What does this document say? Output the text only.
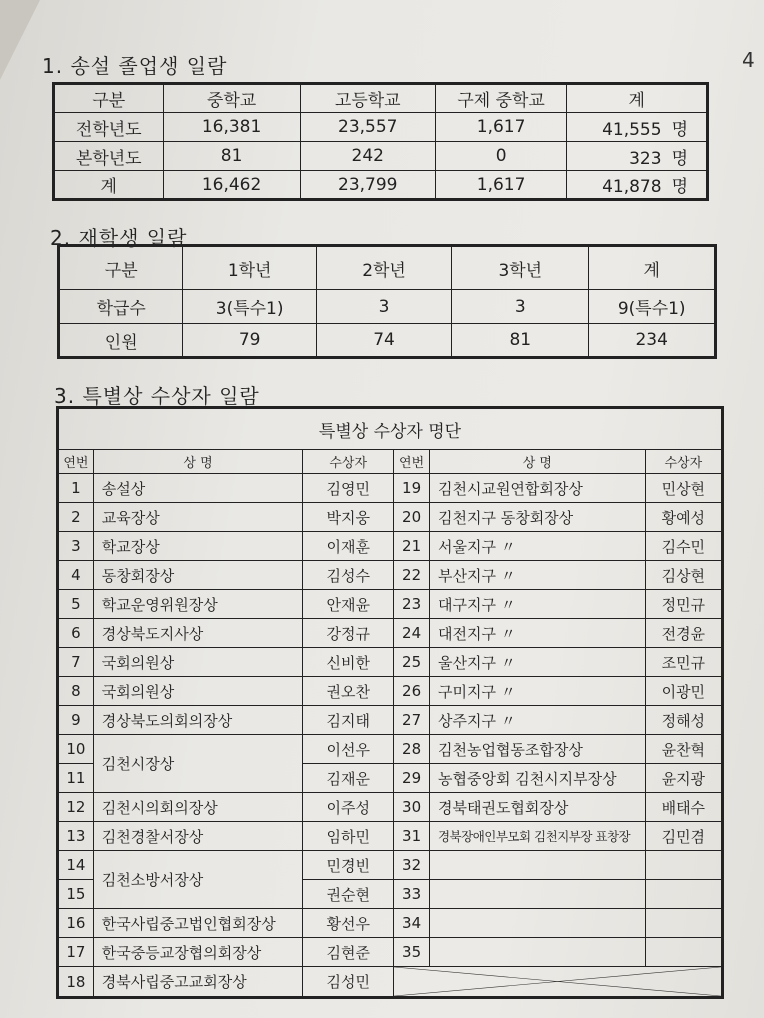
4
1. 송설 졸업생 일람
구분	중학교	고등학교	구제 중학교	계
전학년도	16,381	23,557	1,617	41,555 명
본학년도	81	242	0	323 명
계	16,462	23,799	1,617	41,878 명
2. 재학생 일람
구분	1학년	2학년	3학년	계
학급수	3(특수1)	3	3	9(특수1)
인원	79	74	81	234
3. 특별상 수상자 일람
특별상 수상자 명단					
연번	상 명	수상자	연번	상 명	수상자
1	송설상	김영민	19	김천시교원연합회장상	민상현
2	교육장상	박지웅	20	김천지구 동창회장상	황예성
3	학교장상	이재훈	21	서울지구 〃	김수민
4	동창회장상	김성수	22	부산지구 〃	김상현
5	학교운영위원장상	안재윤	23	대구지구 〃	정민규
6	경상북도지사상	강정규	24	대전지구 〃	전경윤
7	국회의원상	신비한	25	울산지구 〃	조민규
8	국회의원상	권오찬	26	구미지구 〃	이광민
9	경상북도의회의장상	김지태	27	상주지구 〃	정해성
10	김천시장상	이선우	28	김천농업협동조합장상	윤찬혁
11		김재운	29	농협중앙회 김천시지부장상	윤지광
12	김천시의회의장상	이주성	30	경북태권도협회장상	배태수
13	김천경찰서장상	임하민	31	경북장애인부모회 김천지부장 표창장	김민겸
14	김천소방서장상	민경빈	32		
15		권순현	33		
16	한국사립중고법인협회장상	황선우	34		
17	한국중등교장협의회장상	김현준	35		
18	경북사립중고교회장상	김성민	
